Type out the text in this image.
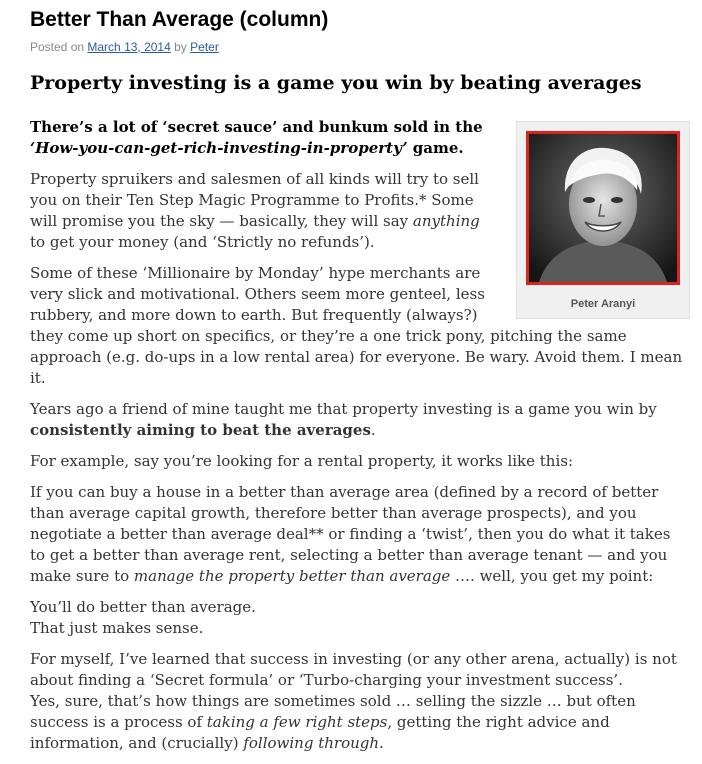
Better Than Average (column)
Posted on March 13, 2014 by Peter
Property investing is a game you win by beating averages
Peter Aranyi

There’s a lot of ‘secret sauce’ and bunkum sold in the ‘How-you-can-get-rich-investing-in-property’ game.

Property spruikers and salesmen of all kinds will try to sell you on their Ten Step Magic Programme to Profits.* Some will promise you the sky — basically, they will say anything to get your money (and ‘Strictly no refunds’).

Some of these ‘Millionaire by Monday’ hype merchants are very slick and motivational. Others seem more genteel, less rubbery, and more down to earth. But frequently (always?) they come up short on specifics, or they’re a one trick pony, pitching the same approach (e.g. do-ups in a low rental area) for everyone. Be wary. Avoid them. I mean it.

Years ago a friend of mine taught me that property investing is a game you win by consistently aiming to beat the averages.

For example, say you’re looking for a rental property, it works like this:

If you can buy a house in a better than average area (defined by a record of better than average capital growth, therefore better than average prospects), and you negotiate a better than average deal** or finding a ‘twist’, then you do what it takes to get a better than average rent, selecting a better than average tenant — and you make sure to manage the property better than average …. well, you get my point:

You’ll do better than average.
That just makes sense.

For myself, I’ve learned that success in investing (or any other arena, actually) is not about finding a ‘Secret formula’ or ‘Turbo-charging your investment success’.
Yes, sure, that’s how things are sometimes sold … selling the sizzle … but often success is a process of taking a few right steps, getting the right advice and information, and (crucially) following through.
